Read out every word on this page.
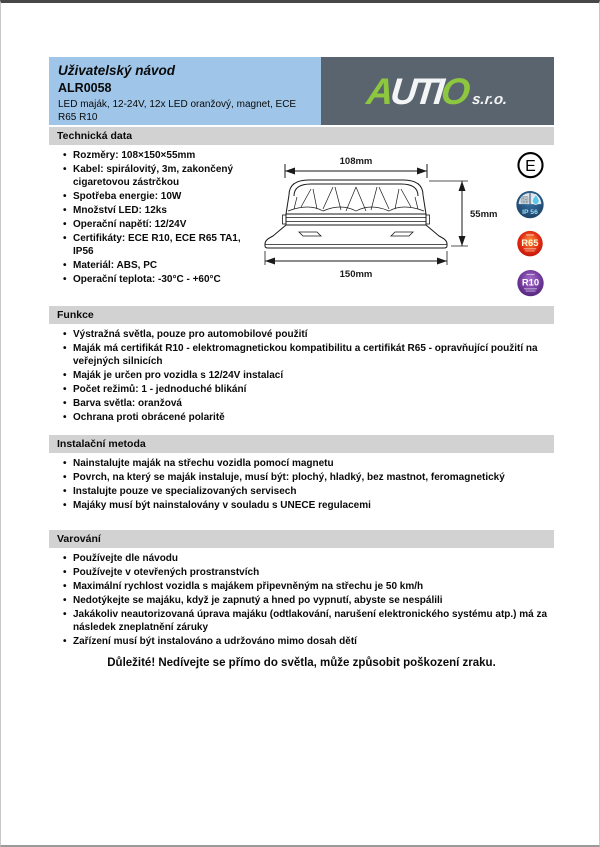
Uživatelský návod
ALR0058
LED maják, 12-24V, 12x LED oranžový, magnet, ECE R65 R10
AUTIO s.r.o.
Technická data
• Rozměry: 108×150×55mm
• Kabel: spirálovitý, 3m, zakončený cigaretovou zástrčkou
• Spotřeba energie: 10W
• Množství LED: 12ks
• Operační napětí: 12/24V
• Certifikáty: ECE R10, ECE R65 TA1, IP56
• Materiál: ABS, PC
• Operační teplota: -30°C - +60°C
108mm
55mm
150mm
E
IP 56
R65
R10
Funkce
• Výstražná světla, pouze pro automobilové použití
• Maják má certifikát R10 - elektromagnetickou kompatibilitu a certifikát R65 - opravňující použití na veřejných silnicích
• Maják je určen pro vozidla s 12/24V instalací
• Počet režimů: 1 - jednoduché blikání
• Barva světla: oranžová
• Ochrana proti obrácené polaritě
Instalační metoda
• Nainstalujte maják na střechu vozidla pomocí magnetu
• Povrch, na který se maják instaluje, musí být: plochý, hladký, bez mastnot, feromagnetický
• Instalujte pouze ve specializovaných servisech
• Majáky musí být nainstalovány v souladu s UNECE regulacemi
Varování
• Používejte dle návodu
• Používejte v otevřených prostranstvích
• Maximální rychlost vozidla s majákem připevněným na střechu je 50 km/h
• Nedotýkejte se majáku, když je zapnutý a hned po vypnutí, abyste se nespálili
• Jakákoliv neautorizovaná úprava majáku (odtlakování, narušení elektronického systému atp.) má za následek zneplatnění záruky
• Zařízení musí být instalováno a udržováno mimo dosah dětí
Důležité! Nedívejte se přímo do světla, může způsobit poškození zraku.
